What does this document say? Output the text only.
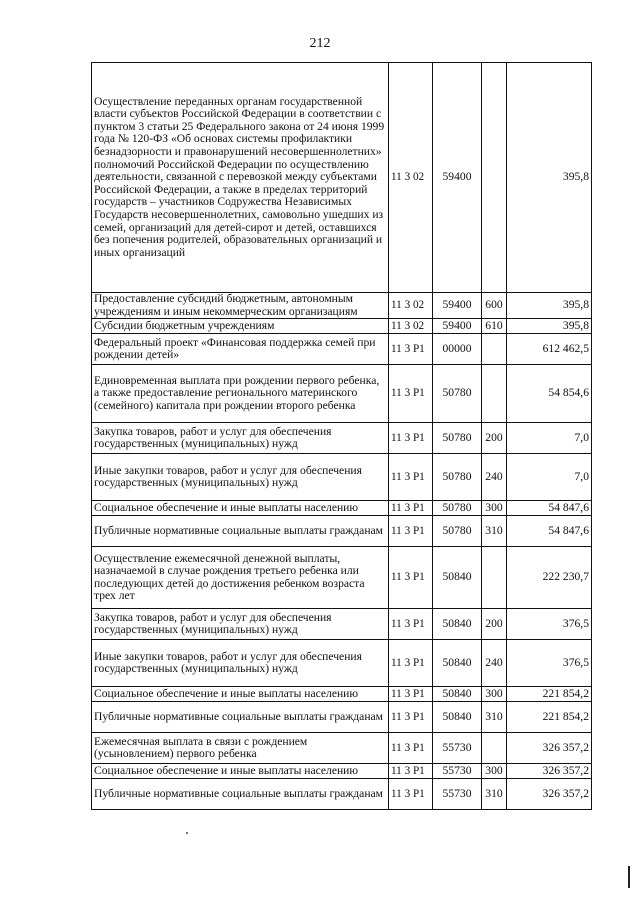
212
Осуществление переданных органам государственной власти субъектов Российской Федерации в соответствии с пунктом 3 статьи 25 Федерального закона от 24 июня 1999 года № 120-ФЗ «Об основах системы профилактики безнадзорности и правонарушений несовершеннолетних» полномочий Российской Федерации по осуществлению деятельности, связанной с перевозкой между субъектами Российской Федерации, а также в пределах территорий государств – участников Содружества Независимых Государств несовершеннолетних, самовольно ушедших из семей, организаций для детей-сирот и детей, оставшихся без попечения родителей, образовательных организаций и иных организаций	11 3 02	59400		395,8
Предоставление субсидий бюджетным, автономным учреждениям и иным некоммерческим организациям	11 3 02	59400	600	395,8
Субсидии бюджетным учреждениям	11 3 02	59400	610	395,8
Федеральный проект «Финансовая поддержка семей при рождении детей»	11 3 P1	00000		612 462,5
Единовременная выплата при рождении первого ребенка, а также предоставление регионального материнского (семейного) капитала при рождении второго ребенка	11 3 P1	50780		54 854,6
Закупка товаров, работ и услуг для обеспечения государственных (муниципальных) нужд	11 3 P1	50780	200	7,0
Иные закупки товаров, работ и услуг для обеспечения государственных (муниципальных) нужд	11 3 P1	50780	240	7,0
Социальное обеспечение и иные выплаты населению	11 3 P1	50780	300	54 847,6
Публичные нормативные социальные выплаты гражданам	11 3 P1	50780	310	54 847,6
Осуществление ежемесячной денежной выплаты, назначаемой в случае рождения третьего ребенка или последующих детей до достижения ребенком возраста трех лет	11 3 P1	50840		222 230,7
Закупка товаров, работ и услуг для обеспечения государственных (муниципальных) нужд	11 3 P1	50840	200	376,5
Иные закупки товаров, работ и услуг для обеспечения государственных (муниципальных) нужд	11 3 P1	50840	240	376,5
Социальное обеспечение и иные выплаты населению	11 3 P1	50840	300	221 854,2
Публичные нормативные социальные выплаты гражданам	11 3 P1	50840	310	221 854,2
Ежемесячная выплата в связи с рождением (усыновлением) первого ребенка	11 3 P1	55730		326 357,2
Социальное обеспечение и иные выплаты населению	11 3 P1	55730	300	326 357,2
Публичные нормативные социальные выплаты гражданам	11 3 P1	55730	310	326 357,2
